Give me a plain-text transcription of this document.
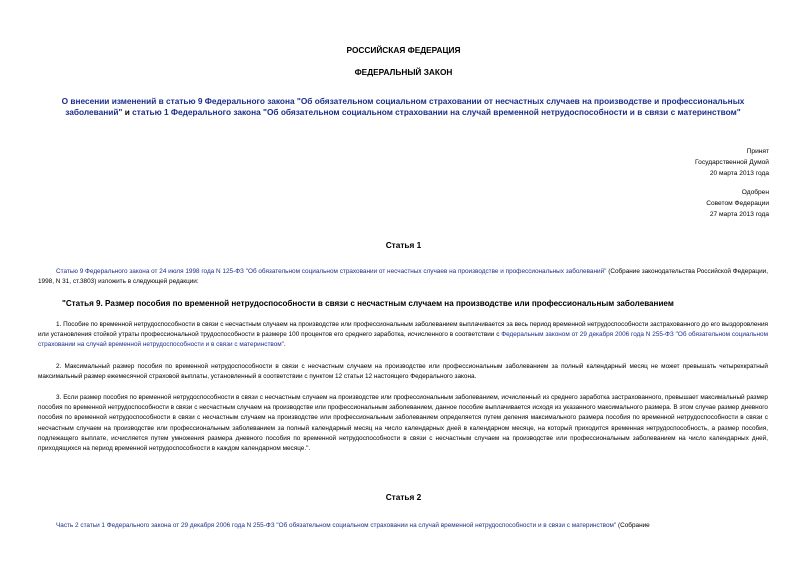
РОССИЙСКАЯ ФЕДЕРАЦИЯ
ФЕДЕРАЛЬНЫЙ ЗАКОН
О внесении изменений в статью 9 Федерального закона "Об обязательном социальном страховании от несчастных случаев на производстве и профессиональных заболеваний" и статью 1 Федерального закона "Об обязательном социальном страховании на случай временной нетрудоспособности и в связи с материнством"
Принят
Государственной Думой
20 марта 2013 года
Одобрен
Советом Федерации
27 марта 2013 года
Статья 1
Статью 9 Федерального закона от 24 июля 1998 года N 125-ФЗ "Об обязательном социальном страховании от несчастных случаев на производстве и профессиональных заболеваний" (Собрание законодательства Российской Федерации, 1998, N 31, ст.3803) изложить в следующей редакции:
"Статья 9. Размер пособия по временной нетрудоспособности в связи с несчастным случаем на производстве или профессиональным заболеванием
1. Пособие по временной нетрудоспособности в связи с несчастным случаем на производстве или профессиональным заболеванием выплачивается за весь период временной нетрудоспособности застрахованного до его выздоровления или установления стойкой утраты профессиональной трудоспособности в размере 100 процентов его среднего заработка, исчисленного в соответствии с Федеральным законом от 29 декабря 2006 года N 255-ФЗ "Об обязательном социальном страховании на случай временной нетрудоспособности и в связи с материнством".
2. Максимальный размер пособия по временной нетрудоспособности в связи с несчастным случаем на производстве или профессиональным заболеванием за полный календарный месяц не может превышать четырехкратный максимальный размер ежемесячной страховой выплаты, установленный в соответствии с пунктом 12 статьи 12 настоящего Федерального закона.
3. Если размер пособия по временной нетрудоспособности в связи с несчастным случаем на производстве или профессиональным заболеванием, исчисленный из среднего заработка застрахованного, превышает максимальный размер пособия по временной нетрудоспособности в связи с несчастным случаем на производстве или профессиональным заболеванием, данное пособие выплачивается исходя из указанного максимального размера. В этом случае размер дневного пособия по временной нетрудоспособности в связи с несчастным случаем на производстве или профессиональным заболеванием определяется путем деления максимального размера пособия по временной нетрудоспособности в связи с несчастным случаем на производстве или профессиональным заболеванием за полный календарный месяц на число календарных дней в календарном месяце, на который приходится временная нетрудоспособность, а размер пособия, подлежащего выплате, исчисляется путем умножения размера дневного пособия по временной нетрудоспособности в связи с несчастным случаем на производстве или профессиональным заболеванием на число календарных дней, приходящихся на период временной нетрудоспособности в каждом календарном месяце.".
Статья 2
Часть 2 статьи 1 Федерального закона от 29 декабря 2006 года N 255-ФЗ "Об обязательном социальном страховании на случай временной нетрудоспособности и в связи с материнством" (Собрание
